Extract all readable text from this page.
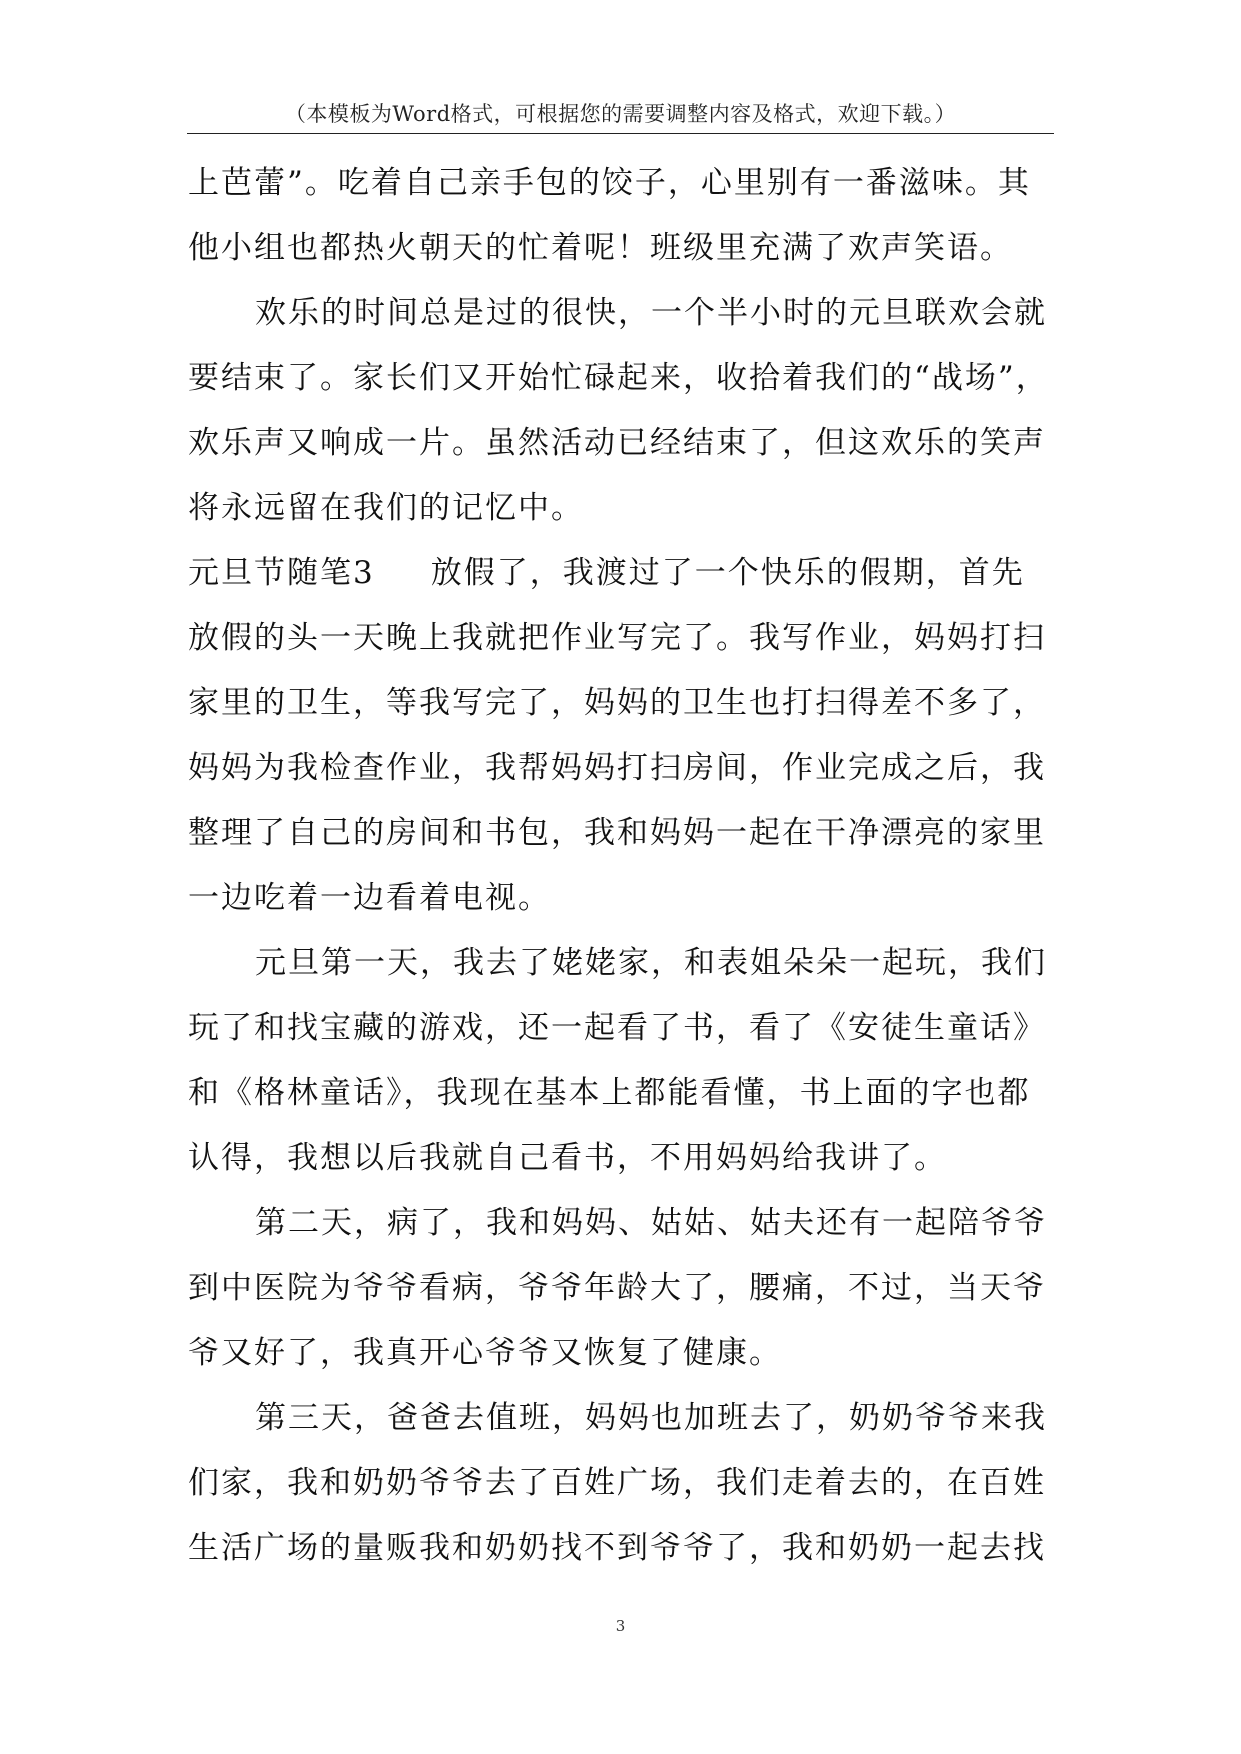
（本模板为Word格式，可根据您的需要调整内容及格式，欢迎下载。）
上芭蕾”。吃着自己亲手包的饺子，心里别有一番滋味。其
他小组也都热火朝天的忙着呢！班级里充满了欢声笑语。
欢乐的时间总是过的很快，一个半小时的元旦联欢会就
要结束了。家长们又开始忙碌起来，收拾着我们的“战场”，
欢乐声又响成一片。虽然活动已经结束了，但这欢乐的笑声
将永远留在我们的记忆中。
元旦节随笔3 放假了，我渡过了一个快乐的假期，首先
放假的头一天晚上我就把作业写完了。我写作业，妈妈打扫
家里的卫生，等我写完了，妈妈的卫生也打扫得差不多了，
妈妈为我检查作业，我帮妈妈打扫房间，作业完成之后，我
整理了自己的房间和书包，我和妈妈一起在干净漂亮的家里
一边吃着一边看着电视。
元旦第一天，我去了姥姥家，和表姐朵朵一起玩，我们
玩了和找宝藏的游戏，还一起看了书，看了《安徒生童话》
和《格林童话》，我现在基本上都能看懂，书上面的字也都
认得，我想以后我就自己看书，不用妈妈给我讲了。
第二天，病了，我和妈妈、姑姑、姑夫还有一起陪爷爷
到中医院为爷爷看病，爷爷年龄大了，腰痛，不过，当天爷
爷又好了，我真开心爷爷又恢复了健康。
第三天，爸爸去值班，妈妈也加班去了，奶奶爷爷来我
们家，我和奶奶爷爷去了百姓广场，我们走着去的，在百姓
生活广场的量贩我和奶奶找不到爷爷了，我和奶奶一起去找
3
